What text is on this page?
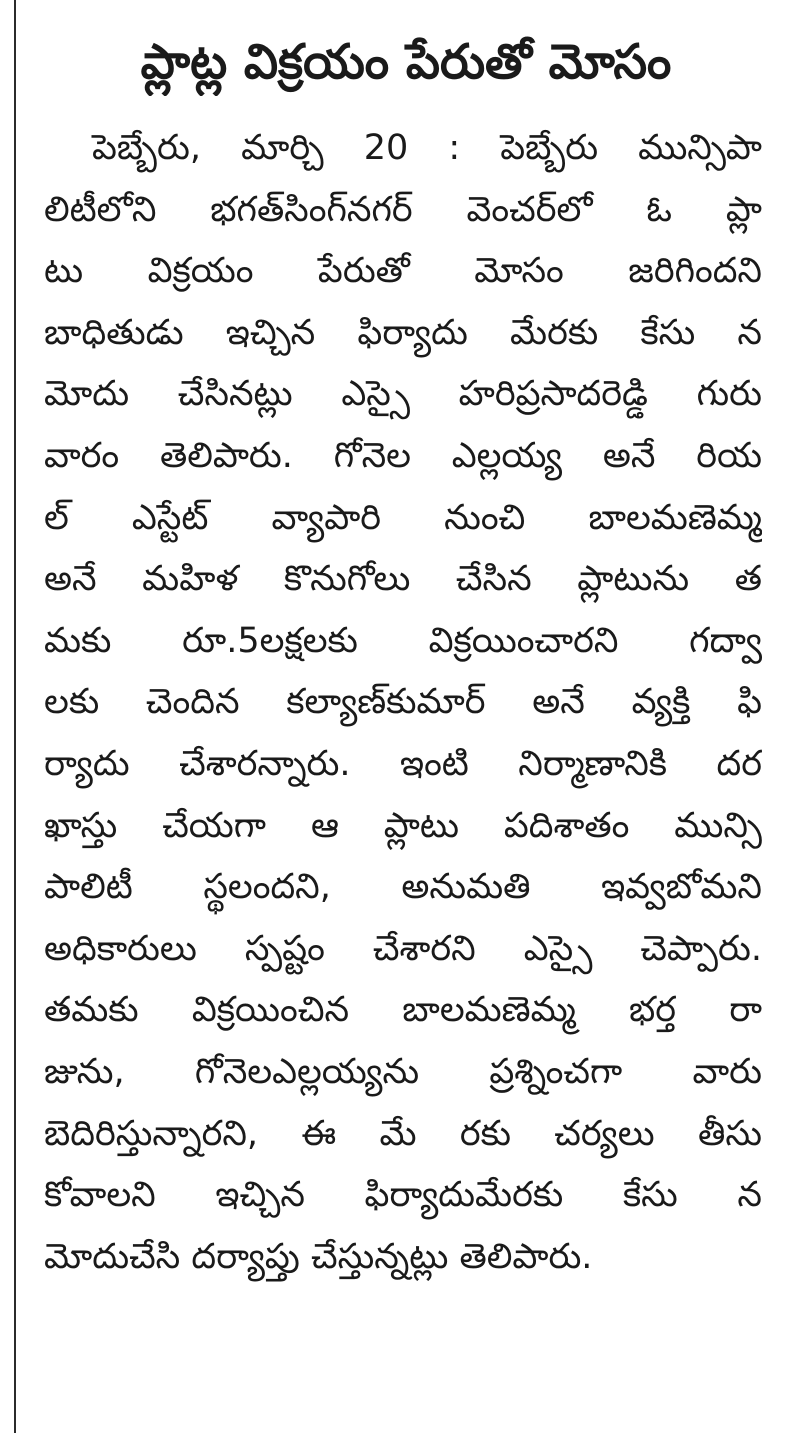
ప్లాట్ల విక్రయం పేరుతో మోసం
పెబ్బేరు, మార్చి 20 : పెబ్బేరు మున్సిపా
లిటీలోని భగత్‌సింగ్‌నగర్ వెంచర్‌లో ఓ ప్లా
టు విక్రయం పేరుతో మోసం జరిగిందని
బాధితుడు ఇచ్చిన ఫిర్యాదు మేరకు కేసు న
మోదు చేసినట్లు ఎస్సై హరిప్రసాదరెడ్డి గురు
వారం తెలిపారు. గోనెల ఎల్లయ్య అనే రియ
ల్ ఎస్టేట్ వ్యాపారి నుంచి బాలమణెమ్మ
అనే మహిళ కొనుగోలు చేసిన ప్లాటును త
మకు రూ.5లక్షలకు విక్రయించారని గద్వా
లకు చెందిన కల్యాణ్‌కుమార్ అనే వ్యక్తి ఫి
ర్యాదు చేశారన్నారు. ఇంటి నిర్మాణానికి దర
ఖాస్తు చేయగా ఆ ప్లాటు పదిశాతం మున్సి
పాలిటీ స్థలందని, అనుమతి ఇవ్వబోమని
అధికారులు స్పష్టం చేశారని ఎస్సై చెప్పారు.
తమకు విక్రయించిన బాలమణెమ్మ భర్త రా
జును, గోనెలఎల్లయ్యను ప్రశ్నించగా వారు
బెదిరిస్తున్నారని, ఈ మే రకు చర్యలు తీసు
కోవాలని ఇచ్చిన ఫిర్యాదుమేరకు కేసు న
మోదుచేసి దర్యాప్తు చేస్తున్నట్లు తెలిపారు.
